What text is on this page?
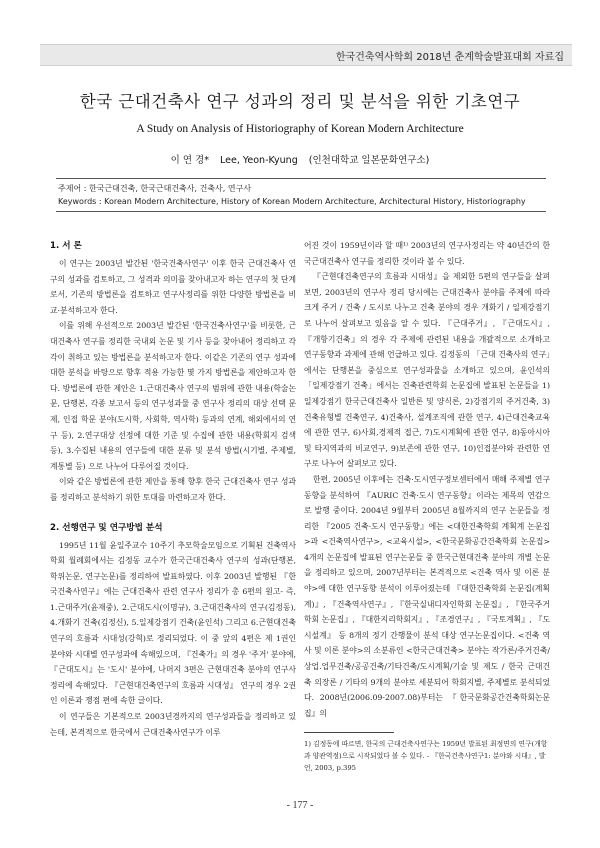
한국건축역사학회 2018년 춘계학술발표대회 자료집
한국 근대건축사 연구 성과의 정리 및 분석을 위한 기초연구
A Study on Analysis of Historiography of Korean Modern Architecture
이 연 경* Lee, Yeon-Kyung (인천대학교 일본문화연구소)
주제어 : 한국근대건축, 한국근대건축사, 건축사, 연구사
Keywords : Korean Modern Architecture, History of Korean Modern Architecture, Architectural History, Historiography
1. 서 론

이 연구는 2003년 발간된 '한국건축사연구' 이후 한국 근대건축사 연구의 성과를 검토하고, 그 성격과 의미를 찾아내고자 하는 연구의 첫 단계로서, 기존의 방법론을 검토하고 연구사정리를 위한 다양한 방법론을 비교·분석하고자 한다.

이를 위해 우선적으로 2003년 발간된 '한국건축사연구'를 비롯한, 근대건축사 연구를 정리한 국내외 논문 및 기사 등을 찾아내어 정리하고 각각이 취하고 있는 방법론을 분석하고자 한다. 이같은 기존의 연구 성과에 대한 분석을 바탕으로 향후 적용 가능한 몇 가지 방법론을 제안하고자 한다. 방법론에 관한 제안은 1.근대건축사 연구의 범위에 관한 내용(학술논문, 단행본, 각종 보고서 등의 연구성과물 중 연구사 정리의 대상 선택 문제, 인접 학문 분야(도시학, 사회학, 역사학) 등과의 연계, 해외에서의 연구 등), 2.연구대상 선정에 대한 기준 및 수집에 관한 내용(학회지 검색 등), 3.수집된 내용의 연구들에 대한 분류 및 분석 방법(시기별, 주제별, 계통별 등) 으로 나누어 다루어질 것이다.

이와 같은 방법론에 관한 제안을 통해 향후 한국 근대건축사 연구 성과를 정리하고 분석하기 위한 토대를 마련하고자 한다.

2. 선행연구 및 연구방법 분석

1995년 11월 윤일주교수 10주기 추모학술모임으로 기획된 건축역사학회 월례회에서는 김정동 교수가 한국근대건축사 연구의 성과(단행본, 학위논문, 연구논문)를 정리하여 발표하였다. 이후 2003년 발행된 『한국건축사연구』에는 근대건축사 관련 연구사 정리가 총 6편의 원고- 즉, 1.근대주거(윤재중), 2.근대도시(이명규), 3.근대건축사의 연구(김정동), 4.개화기 건축(김정신), 5.일제강점기 건축(윤인석) 그리고 6.근현대건축연구의 흐름과 시대성(강혁)로 정리되었다. 이 중 앞의 4편은 제 1권인 분야와 시대별 연구성과에 속해있으며, 『건축가』의 경우 '주거' 분야에, 『근대도시』는 '도시' 분야에, 나머지 3편은 근현대건축 분야의 연구사 정리에 속해있다. 『근현대건축연구의 흐름과 시대성』 연구의 경우 2권인 이론과 쟁점 편에 속한 글이다.

이 연구들은 기본적으로 2003년경까지의 연구성과들을 정리하고 있는데, 본격적으로 한국에서 근대건축사연구가 이루

어진 것이 1959년이라 할 때¹⁾ 2003년의 연구사정리는 약 40년간의 한국근대건축사 연구를 정리한 것이라 볼 수 있다.

『근현대건축연구의 흐름과 시대성』을 제외한 5편의 연구들을 살펴보면, 2003년의 연구사 정리 당시에는 근대건축사 분야를 주제에 따라 크게 주거 / 건축 / 도시로 나누고 건축 분야의 경우 개화기 / 일제강점기로 나누어 살펴보고 있음을 알 수 있다. 『근대주거』, 『근대도시』, 『개항기건축』의 경우 각 주제에 관련된 내용을 개괄적으로 소개하고 연구동향과 과제에 관해 언급하고 있다. 김정동의 「근대 건축사의 연구」에서는 단행본을 중심으로 연구성과물을 소개하고 있으며, 윤인석의 「일제강점기 건축」에서는 건축관련학회 논문집에 발표된 논문들을 1)일제강점기 한국근대건축사 일반론 및 양식론, 2)강점기의 주거건축, 3)건축유형별 건축연구, 4)건축사, 설계조직에 관한 연구, 4)근대건축교육에 관한 연구, 6)사회,경제적 접근, 7)도시계획에 관한 연구, 8)동아시아 및 타지역과의 비교연구, 9)보존에 관한 연구, 10)인접분야와 관련한 연구로 나누어 살펴보고 있다.

한편, 2005년 이후에는 건축·도시연구정보센터에서 매해 주제별 연구동향을 분석하여 『AURIC 건축·도시 연구동향』이라는 제목의 연감으로 발행 중이다. 2004년 9월부터 2005년 8월까지의 연구 논문들을 정리한 『2005 건축·도시 연구동향』에는 <대한건축학회 계획계 논문집>과 <건축역사연구>, <교육시설>, <한국문화공간건축학회 논문집> 4개의 논문집에 발표된 연구논문들 중 한국근현대건축 분야의 개별 논문을 정리하고 있으며, 2007년부터는 본격적으로 <건축 역사 및 이론 분야>에 대한 연구동향 분석이 이루어졌는데 『대한건축학회 논문집(계획계)』, 『건축역사연구』, 『한국실내디자인학회 논문집』, 『한국주거학회 논문집』, 『대한지리학회지』, 『조경연구』, 『국토계획』, 『도시설계』 등 8개의 정기 간행물이 분석 대상 연구논문집이다. <건축 역사 및 이론 분야>의 소분류인 <한국근대건축> 분야는 작가론/주거건축/상업.업무건축/공공건축/기타건축/도시계획/기술 및 제도 / 한국 근대건축 의장론 / 기타의 9개의 분야로 세분되어 학회지별, 주제별로 분석되었다. 2008년(2006.09-2007.08)부터는 『한국문화공간건축학회논문집』의

1) 김정동에 따르면, 한국의 근대건축사연구는 1959년 발표된 최정면의 연구(개항과 양관역정)으로 시작되었다 볼 수 있다. - 『한국건축사연구1: 분야와 시대』, 발언, 2003, p.395
- 177 -
